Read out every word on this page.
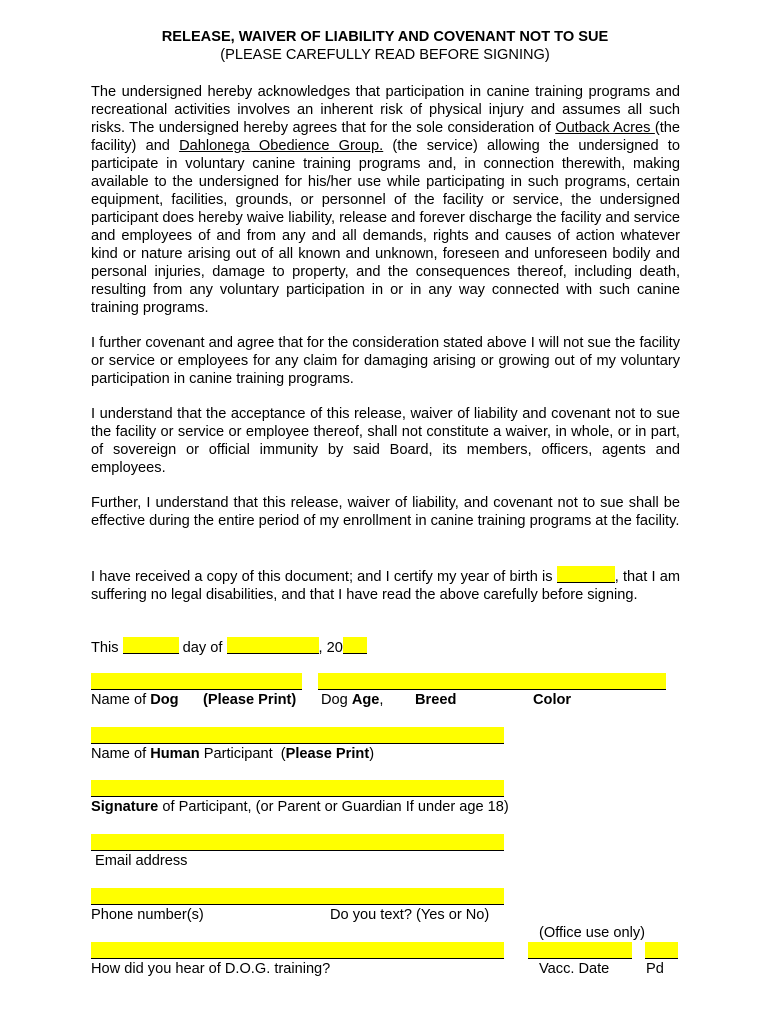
RELEASE, WAIVER OF LIABILITY AND COVENANT NOT TO SUE
(PLEASE CAREFULLY READ BEFORE SIGNING)
The undersigned hereby acknowledges that participation in canine training programs and recreational activities involves an inherent risk of physical injury and assumes all such risks. The undersigned hereby agrees that for the sole consideration of Outback Acres (the facility) and Dahlonega Obedience Group. (the service) allowing the undersigned to participate in voluntary canine training programs and, in connection therewith, making available to the undersigned for his/her use while participating in such programs, certain equipment, facilities, grounds, or personnel of the facility or service, the undersigned participant does hereby waive liability, release and forever discharge the facility and service and employees of and from any and all demands, rights and causes of action whatever kind or nature arising out of all known and unknown, foreseen and unforeseen bodily and personal injuries, damage to property, and the consequences thereof, including death, resulting from any voluntary participation in or in any way connected with such canine training programs.
I further covenant and agree that for the consideration stated above I will not sue the facility or service or employees for any claim for damaging arising or growing out of my voluntary participation in canine training programs.
I understand that the acceptance of this release, waiver of liability and covenant not to sue the facility or service or employee thereof, shall not constitute a waiver, in whole, or in part, of sovereign or official immunity by said Board, its members, officers, agents and employees.
Further, I understand that this release, waiver of liability, and covenant not to sue shall be effective during the entire period of my enrollment in canine training programs at the facility.
I have received a copy of this document; and I certify my year of birth is	, that I am suffering no legal disabilities, and that I have read the above carefully before signing.
This	day of	, 20
Name of Dog (Please Print) Dog Age, Breed	Color
Name of Human Participant (Please Print)
Signature of Participant, (or Parent or Guardian If under age 18)
Email address
Phone number(s)	Do you text? (Yes or No)
(Office use only)
How did you hear of D.O.G. training?	Vacc. Date	Pd
